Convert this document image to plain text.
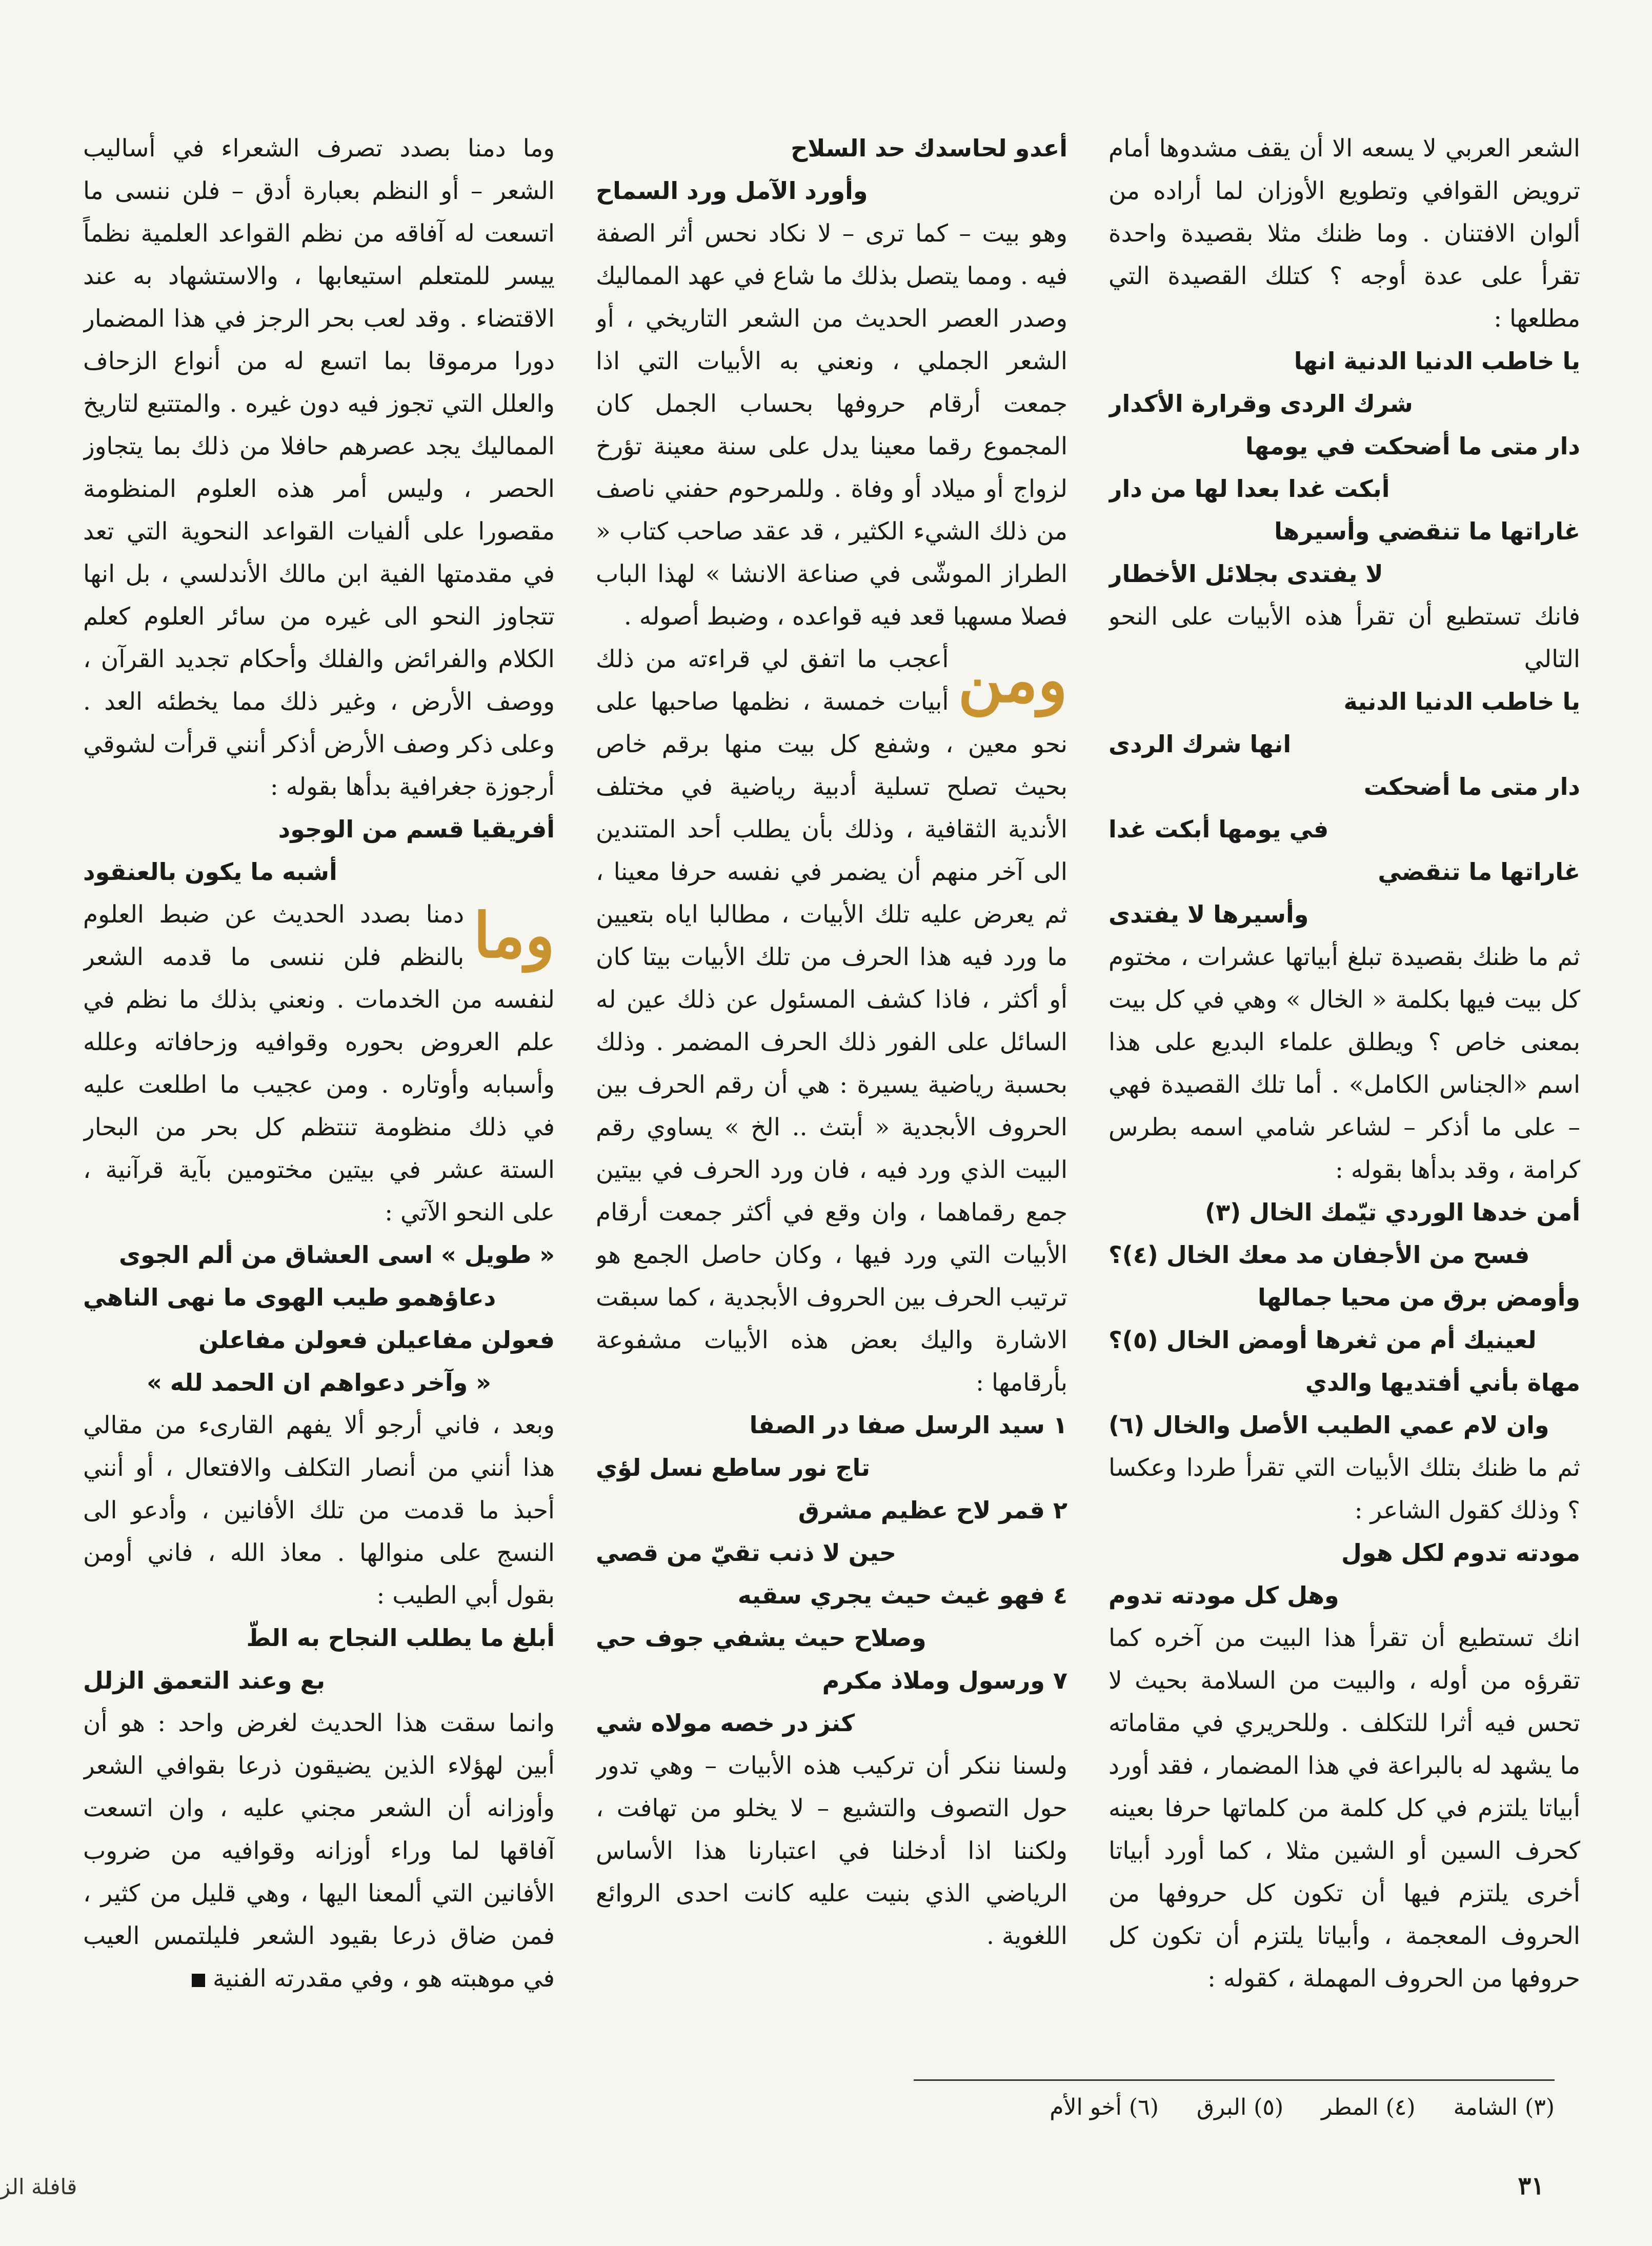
الشعر العربي لا يسعه الا أن يقف مشدوها أمام ترويض القوافي وتطويع الأوزان لما أراده من ألوان الافتنان . وما ظنك مثلا بقصيدة واحدة تقرأ على عدة أوجه ؟ كتلك القصيدة التي مطلعها :

يا خاطب الدنيا الدنية انها

شرك الردى وقرارة الأكدار

دار متى ما أضحكت في يومها

أبكت غدا بعدا لها من دار

غاراتها ما تنقضي وأسيرها

لا يفتدى بجلائل الأخطار

فانك تستطيع أن تقرأ هذه الأبيات على النحو التالي

يا خاطب الدنيا الدنية

انها شرك الردى

دار متى ما أضحكت

في يومها أبكت غدا

غاراتها ما تنقضي

وأسيرها لا يفتدى

ثم ما ظنك بقصيدة تبلغ أبياتها عشرات ، مختوم كل بيت فيها بكلمة « الخال » وهي في كل بيت بمعنى خاص ؟ ويطلق علماء البديع على هذا اسم «الجناس الكامل» . أما تلك القصيدة فهي – على ما أذكر – لشاعر شامي اسمه بطرس كرامة ، وقد بدأها بقوله :

أمن خدها الوردي تيّمك الخال (٣)

فسح من الأجفان مد معك الخال (٤)؟

وأومض برق من محيا جمالها

لعينيك أم من ثغرها أومض الخال (٥)؟

مهاة بأني أفتديها والدي

وان لام عمي الطيب الأصل والخال (٦)

ثم ما ظنك بتلك الأبيات التي تقرأ طردا وعكسا ؟ وذلك كقول الشاعر :

مودته تدوم لكل هول

وهل كل مودته تدوم

انك تستطيع أن تقرأ هذا البيت من آخره كما تقرؤه من أوله ، والبيت من السلامة بحيث لا تحس فيه أثرا للتكلف . وللحريري في مقاماته ما يشهد له بالبراعة في هذا المضمار ، فقد أورد أبياتا يلتزم في كل كلمة من كلماتها حرفا بعينه كحرف السين أو الشين مثلا ، كما أورد أبياتا أخرى يلتزم فيها أن تكون كل حروفها من الحروف المعجمة ، وأبياتا يلتزم أن تكون كل حروفها من الحروف المهملة ، كقوله :

أعدو لحاسدك حد السلاح

وأورد الآمل ورد السماح

وهو بيت – كما ترى – لا نكاد نحس أثر الصفة فيه . ومما يتصل بذلك ما شاع في عهد المماليك وصدر العصر الحديث من الشعر التاريخي ، أو الشعر الجملي ، ونعني به الأبيات التي اذا جمعت أرقام حروفها بحساب الجمل كان المجموع رقما معينا يدل على سنة معينة تؤرخ لزواج أو ميلاد أو وفاة . وللمرحوم حفني ناصف من ذلك الشيء الكثير ، قد عقد صاحب كتاب « الطراز الموشّى في صناعة الانشا » لهذا الباب فصلا مسهبا قعد فيه قواعده ، وضبط أصوله .

ومن
أعجب ما اتفق لي قراءته من ذلك أبيات خمسة ، نظمها صاحبها على نحو معين ، وشفع كل بيت منها برقم خاص بحيث تصلح تسلية أدبية رياضية في مختلف الأندية الثقافية ، وذلك بأن يطلب أحد المتندين الى آخر منهم أن يضمر في نفسه حرفا معينا ، ثم يعرض عليه تلك الأبيات ، مطالبا اياه بتعيين ما ورد فيه هذا الحرف من تلك الأبيات بيتا كان أو أكثر ، فاذا كشف المسئول عن ذلك عين له السائل على الفور ذلك الحرف المضمر . وذلك بحسبة رياضية يسيرة : هي أن رقم الحرف بين الحروف الأبجدية « أبتث .. الخ » يساوي رقم البيت الذي ورد فيه ، فان ورد الحرف في بيتين جمع رقماهما ، وان وقع في أكثر جمعت أرقام الأبيات التي ورد فيها ، وكان حاصل الجمع هو ترتيب الحرف بين الحروف الأبجدية ، كما سبقت الاشارة واليك بعض هذه الأبيات مشفوعة بأرقامها :

١ سيد الرسل صفا در الصفا

تاج نور ساطع نسل لؤي

٢ قمر لاح عظيم مشرق

حين لا ذنب تقيّ من قصي

٤ فهو غيث حيث يجري سقيه

وصلاح حيث يشفي جوف حي

٧ ورسول وملاذ مكرم

كنز در خصه مولاه شي

ولسنا ننكر أن تركيب هذه الأبيات – وهي تدور حول التصوف والتشيع – لا يخلو من تهافت ، ولكننا اذا أدخلنا في اعتبارنا هذا الأساس الرياضي الذي بنيت عليه كانت احدى الروائع اللغوية .

وما دمنا بصدد تصرف الشعراء في أساليب الشعر – أو النظم بعبارة أدق – فلن ننسى ما اتسعت له آفاقه من نظم القواعد العلمية نظماً ييسر للمتعلم استيعابها ، والاستشهاد به عند الاقتضاء . وقد لعب بحر الرجز في هذا المضمار دورا مرموقا بما اتسع له من أنواع الزحاف والعلل التي تجوز فيه دون غيره . والمتتبع لتاريخ المماليك يجد عصرهم حافلا من ذلك بما يتجاوز الحصر ، وليس أمر هذه العلوم المنظومة مقصورا على ألفيات القواعد النحوية التي تعد في مقدمتها الفية ابن مالك الأندلسي ، بل انها تتجاوز النحو الى غيره من سائر العلوم كعلم الكلام والفرائض والفلك وأحكام تجديد القرآن ، ووصف الأرض ، وغير ذلك مما يخطئه العد . وعلى ذكر وصف الأرض أذكر أنني قرأت لشوقي أرجوزة جغرافية بدأها بقوله :

أفريقيا قسم من الوجود

أشبه ما يكون بالعنقود

وما
دمنا بصدد الحديث عن ضبط العلوم بالنظم فلن ننسى ما قدمه الشعر لنفسه من الخدمات . ونعني بذلك ما نظم في علم العروض بحوره وقوافيه وزحافاته وعلله وأسبابه وأوتاره . ومن عجيب ما اطلعت عليه في ذلك منظومة تنتظم كل بحر من البحار الستة عشر في بيتين مختومين بآية قرآنية ، على النحو الآتي :

« طويل » اسى العشاق من ألم الجوى

دعاؤهمو طيب الهوى ما نهى الناهي

فعولن مفاعيلن فعولن مفاعلن

« وآخر دعواهم ان الحمد لله »

وبعد ، فاني أرجو ألا يفهم القارىء من مقالي هذا أنني من أنصار التكلف والافتعال ، أو أنني أحبذ ما قدمت من تلك الأفانين ، وأدعو الى النسج على منوالها . معاذ الله ، فاني أومن بقول أبي الطيب :

أبلغ ما يطلب النجاح به الطّ

بع وعند التعمق الزلل

وانما سقت هذا الحديث لغرض واحد : هو أن أبين لهؤلاء الذين يضيقون ذرعا بقوافي الشعر وأوزانه أن الشعر مجني عليه ، وان اتسعت آفاقها لما وراء أوزانه وقوافيه من ضروب الأفانين التي ألمعنا اليها ، وهي قليل من كثير ، فمن ضاق ذرعا بقيود الشعر فليلتمس العيب في موهبته هو ، وفي مقدرته الفنية

(٣) الشامة (٤) المطر (٥) البرق (٦) أخو الأم
٣١
قافلة الز
